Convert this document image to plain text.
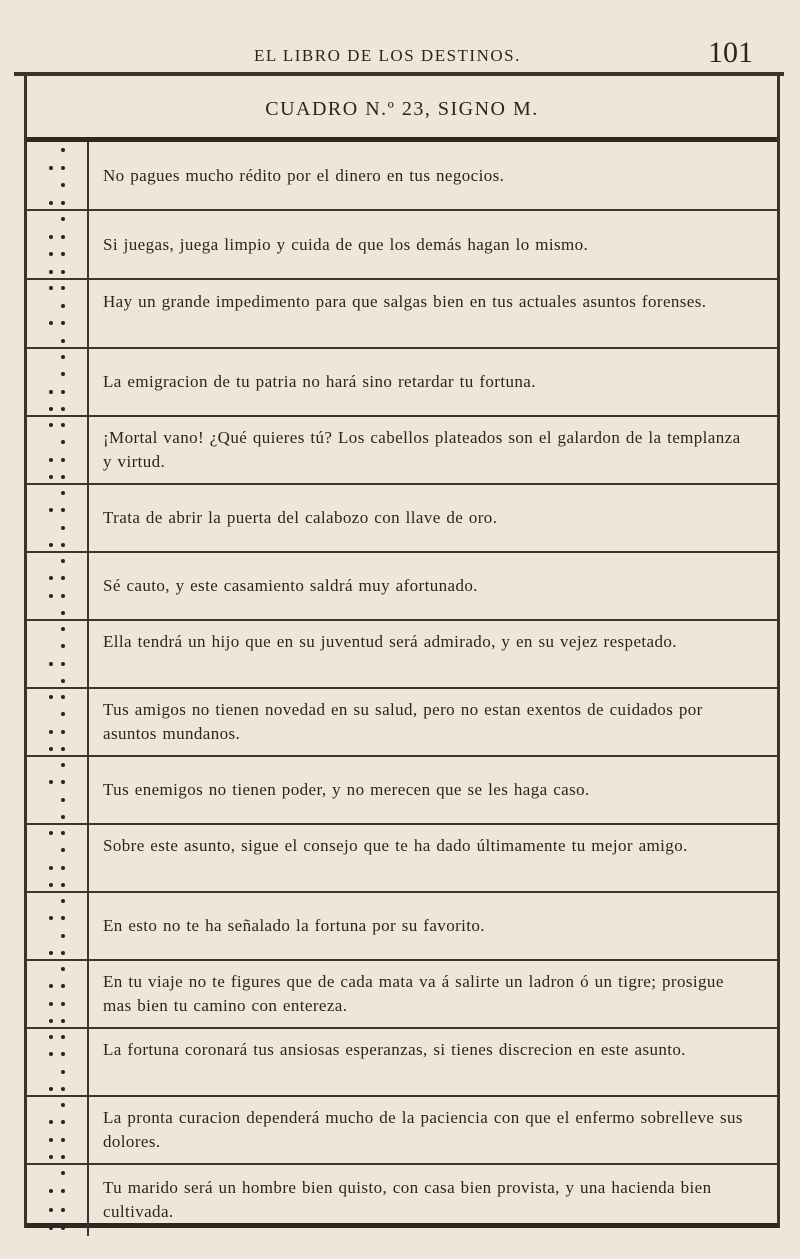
EL LIBRO DE LOS DESTINOS.	101
CUADRO N.º 23, SIGNO M.
No pagues mucho rédito por el dinero en tus negocios.
Si juegas, juega limpio y cuida de que los demás hagan lo mismo.
Hay un grande impedimento para que salgas bien en tus actuales asuntos forenses.
La emigracion de tu patria no hará sino retardar tu fortuna.
¡Mortal vano! ¿Qué quieres tú? Los cabellos plateados son el galardon de la templanza y virtud.
Trata de abrir la puerta del calabozo con llave de oro.
Sé cauto, y este casamiento saldrá muy afortunado.
Ella tendrá un hijo que en su juventud será admirado, y en su vejez respetado.
Tus amigos no tienen novedad en su salud, pero no estan exentos de cuidados por asuntos mundanos.
Tus enemigos no tienen poder, y no merecen que se les haga caso.
Sobre este asunto, sigue el consejo que te ha dado últimamente tu mejor amigo.
En esto no te ha señalado la fortuna por su favorito.
En tu viaje no te figures que de cada mata va á salirte un ladron ó un tigre; prosigue mas bien tu camino con entereza.
La fortuna coronará tus ansiosas esperanzas, si tienes discrecion en este asunto.
La pronta curacion dependerá mucho de la paciencia con que el enfermo sobrelleve sus dolores.
Tu marido será un hombre bien quisto, con casa bien provista, y una hacienda bien cultivada.
